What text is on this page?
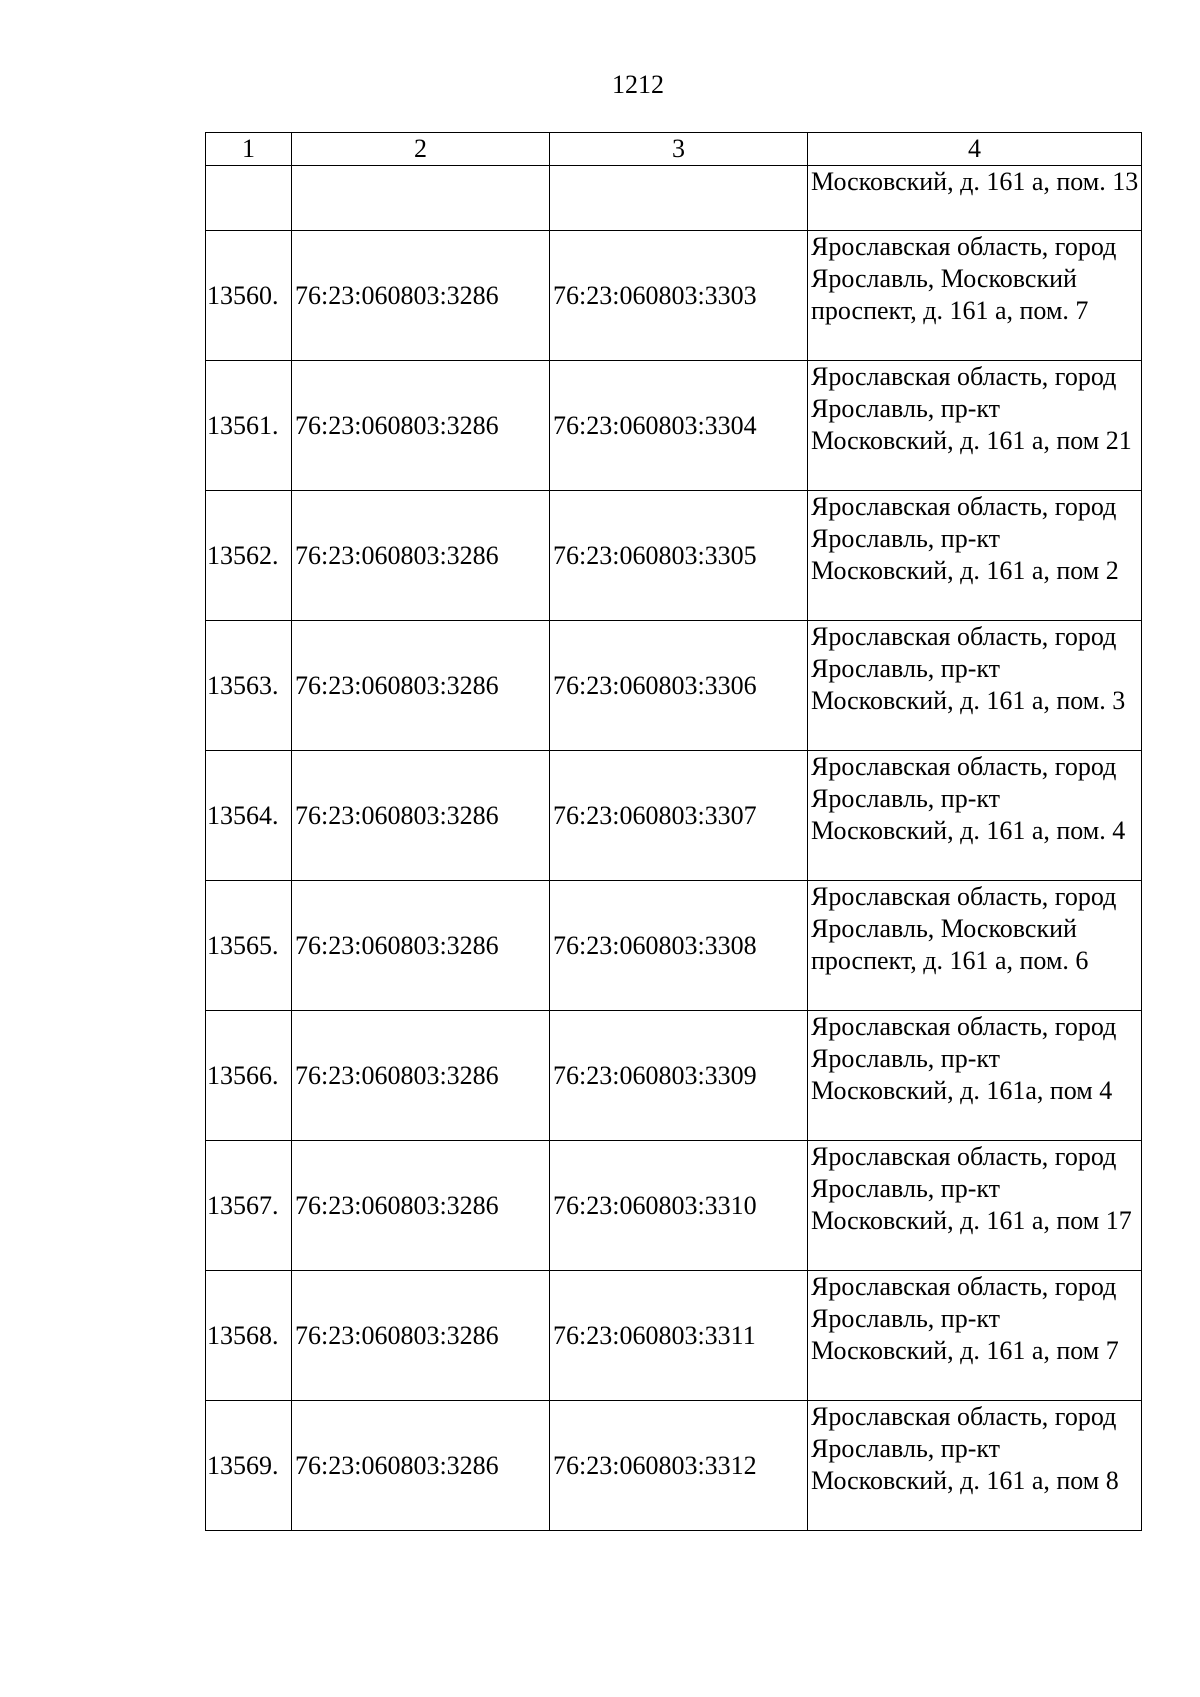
1212
1	2	3	4
			Московский, д. 161 а, пом. 13
13560.	76:23:060803:3286	76:23:060803:3303	Ярославская область, город Ярославль, Московский проспект, д. 161 а, пом. 7
13561.	76:23:060803:3286	76:23:060803:3304	Ярославская область, город Ярославль, пр-кт Московский, д. 161 а, пом 21
13562.	76:23:060803:3286	76:23:060803:3305	Ярославская область, город Ярославль, пр-кт Московский, д. 161 а, пом 2
13563.	76:23:060803:3286	76:23:060803:3306	Ярославская область, город Ярославль, пр-кт Московский, д. 161 а, пом. 3
13564.	76:23:060803:3286	76:23:060803:3307	Ярославская область, город Ярославль, пр-кт Московский, д. 161 а, пом. 4
13565.	76:23:060803:3286	76:23:060803:3308	Ярославская область, город Ярославль, Московский проспект, д. 161 а, пом. 6
13566.	76:23:060803:3286	76:23:060803:3309	Ярославская область, город Ярославль, пр-кт Московский, д. 161а, пом 4
13567.	76:23:060803:3286	76:23:060803:3310	Ярославская область, город Ярославль, пр-кт Московский, д. 161 а, пом 17
13568.	76:23:060803:3286	76:23:060803:3311	Ярославская область, город Ярославль, пр-кт Московский, д. 161 а, пом 7
13569.	76:23:060803:3286	76:23:060803:3312	Ярославская область, город Ярославль, пр-кт Московский, д. 161 а, пом 8
